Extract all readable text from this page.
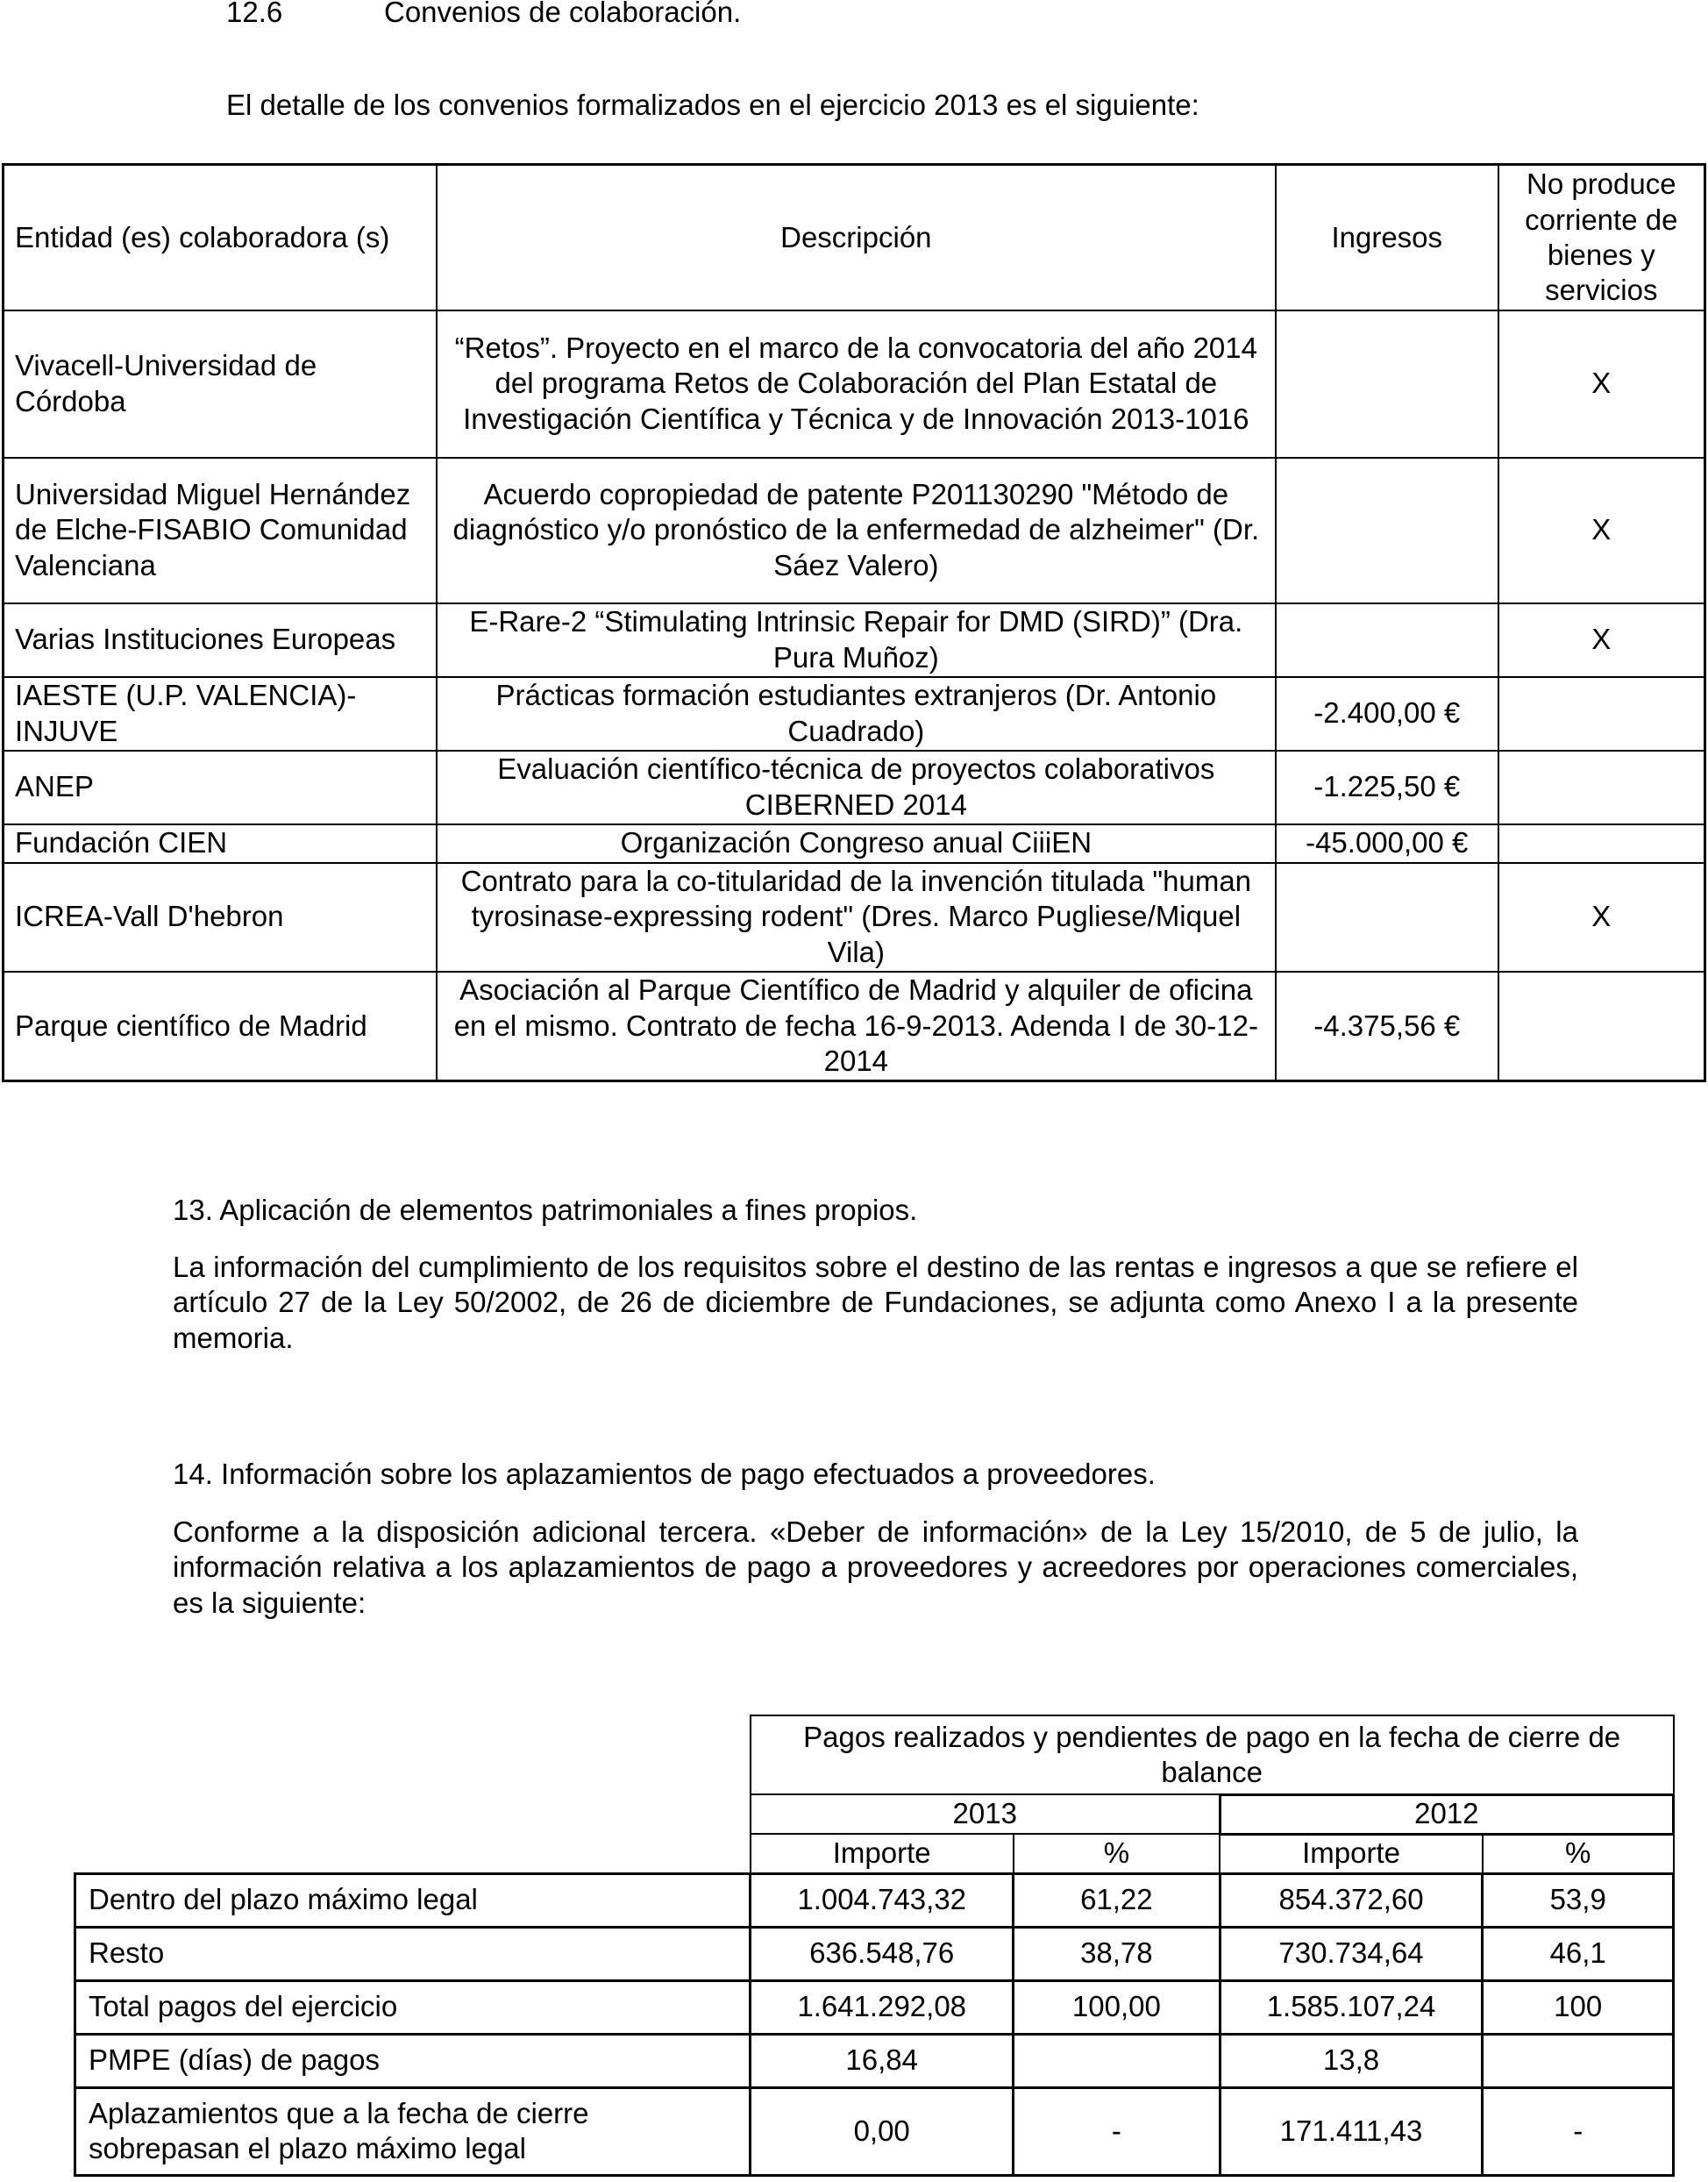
12.6	Convenios de colaboración.
El detalle de los convenios formalizados en el ejercicio 2013 es el siguiente:
Entidad (es) colaboradora (s)	Descripción	Ingresos	No produce corriente de bienes y servicios
Vivacell-Universidad de Córdoba	“Retos”. Proyecto en el marco de la convocatoria del año 2014 del programa Retos de Colaboración del Plan Estatal de Investigación Científica y Técnica y de Innovación 2013-1016		X
Universidad Miguel Hernández de Elche-FISABIO Comunidad Valenciana	Acuerdo copropiedad de patente P201130290 "Método de diagnóstico y/o pronóstico de la enfermedad de alzheimer" (Dr. Sáez Valero)		X
Varias Instituciones Europeas	E-Rare-2 “Stimulating Intrinsic Repair for DMD (SIRD)” (Dra. Pura Muñoz)		X
IAESTE (U.P. VALENCIA)-INJUVE	Prácticas formación estudiantes extranjeros (Dr. Antonio Cuadrado)	-2.400,00 €	
ANEP	Evaluación científico-técnica de proyectos colaborativos CIBERNED 2014	-1.225,50 €	
Fundación CIEN	Organización Congreso anual CiiiEN	-45.000,00 €	
ICREA-Vall D'hebron	Contrato para la co-titularidad de la invención titulada "human tyrosinase-expressing rodent" (Dres. Marco Pugliese/Miquel Vila)		X
Parque científico de Madrid	Asociación al Parque Científico de Madrid y alquiler de oficina en el mismo. Contrato de fecha 16-9-2013. Adenda I de 30-12-2014	-4.375,56 €	
13. Aplicación de elementos patrimoniales a fines propios.

La información del cumplimiento de los requisitos sobre el destino de las rentas e ingresos a que se refiere el artículo 27 de la Ley 50/2002, de 26 de diciembre de Fundaciones, se adjunta como Anexo I a la presente memoria.

14. Información sobre los aplazamientos de pago efectuados a proveedores.

Conforme a la disposición adicional tercera. «Deber de información» de la Ley 15/2010, de 5 de julio, la información relativa a los aplazamientos de pago a proveedores y acreedores por operaciones comerciales, es la siguiente:

	Pagos realizados y pendientes de pago en la fecha de cierre de balance			
	2013		2012	
	Importe	%	Importe	%
Dentro del plazo máximo legal	1.004.743,32	61,22	854.372,60	53,9
Resto	636.548,76	38,78	730.734,64	46,1
Total pagos del ejercicio	1.641.292,08	100,00	1.585.107,24	100
PMPE (días) de pagos	16,84		13,8	
Aplazamientos que a la fecha de cierre sobrepasan el plazo máximo legal	0,00	-	171.411,43	-
